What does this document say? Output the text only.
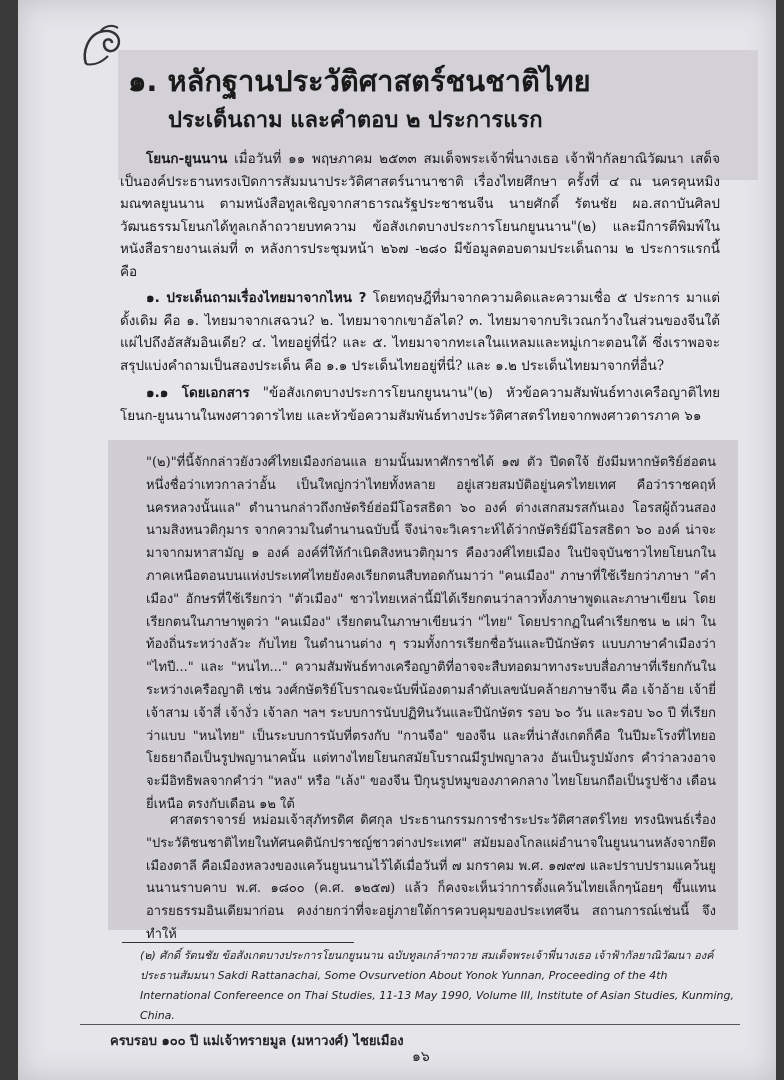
๑. หลักฐานประวัติศาสตร์ชนชาติไทย
ประเด็นถาม และคำตอบ ๒ ประการแรก
โยนก-ยูนนาน เมื่อวันที่ ๑๑ พฤษภาคม ๒๕๓๓ สมเด็จพระเจ้าพี่นางเธอ เจ้าฟ้ากัลยาณิวัฒนา เสด็จเป็นองค์ประธานทรงเปิดการสัมมนาประวัติศาสตร์นานาชาติ เรื่องไทยศึกษา ครั้งที่ ๔ ณ นครคุนหมิง มณฑลยูนนาน ตามหนังสือทูลเชิญจากสาธารณรัฐประชาชนจีน นายศักดิ์ รัตนชัย ผอ.สถาบันศิลปวัฒนธรรมโยนกได้ทูลเกล้าถวายบทความ ข้อสังเกตบางประการโยนกยูนนาน"(๒) และมีการตีพิมพ์ในหนังสือรายงานเล่มที่ ๓ หลังการประชุมหน้า ๒๖๗ -๒๘๐ มีข้อมูลตอบตามประเด็นถาม ๒ ประการแรกนี้คือ
๑. ประเด็นถามเรื่องไทยมาจากไหน ? โดยทฤษฎีที่มาจากความคิดและความเชื่อ ๕ ประการ มาแต่ดั้งเดิม คือ ๑. ไทยมาจากเสฉวน? ๒. ไทยมาจากเขาอัลไต? ๓. ไทยมาจากบริเวณกว้างในส่วนของจีนใต้แผ่ไปถึงอัสสัมอินเดีย? ๔. ไทยอยู่ที่นี่? และ ๕. ไทยมาจากทะเลในแหลมและหมู่เกาะตอนใต้ ซึ่งเราพอจะสรุปแบ่งคำถามเป็นสองประเด็น คือ ๑.๑ ประเด็นไทยอยู่ที่นี่? และ ๑.๒ ประเด็นไทยมาจากที่อื่น?
๑.๑ โดยเอกสาร "ข้อสังเกตบางประการโยนกยูนนาน"(๒) หัวข้อความสัมพันธ์ทางเครือญาติไทยโยนก-ยูนนานในพงศาวดารไทย และหัวข้อความสัมพันธ์ทางประวัติศาสตร์ไทยจากพงศาวดารภาค ๖๑
"(๒)"ที่นี้จักกล่าวยังวงศ์ไทยเมืองก่อนแล ยามนั้นมหาศักราชได้ ๑๗ ตัว ปีดดใจ้ ยังมีมหากษัตริย์ฮ่อตนหนึ่งชื่อว่าเทวกาลว่าอั้น เป็นใหญ่กว่าไทยทั้งหลาย อยู่เสวยสมบัติอยู่นครไทยเทศ คือว่าราชคฤห์นครหลวงนั้นแล" ตำนานกล่าวถึงกษัตริย์ฮ่อมีโอรสธิดา ๖๐ องค์ ต่างเสกสมรสกันเอง โอรสผู้ถ้วนสองนามสิงหนวติกุมาร จากความในตำนานฉบับนี้ จึงน่าจะวิเคราะห์ได้ว่ากษัตริย์มีโอรสธิดา ๖๐ องค์ น่าจะมาจากมหาสามัญ ๑ องค์ องค์ที่ให้กำเนิดสิงหนวติกุมาร คืองวงศ์ไทยเมือง ในปัจจุบันชาวไทยโยนกในภาคเหนือตอนบนแห่งประเทศไทยยังคงเรียกตนสืบทอดกันมาว่า "คนเมือง" ภาษาที่ใช้เรียกว่าภาษา "คำเมือง" อักษรที่ใช้เรียกว่า "ตัวเมือง" ชาวไทยเหล่านี้มิได้เรียกตนว่าลาวทั้งภาษาพูดและภาษาเขียน โดยเรียกตนในภาษาพูดว่า "คนเมือง" เรียกตนในภาษาเขียนว่า "ไทย" โดยปรากฏในคำเรียกชน ๒ เผ่า ในท้องถิ่นระหว่างลัวะ กับไทย ในตำนานต่าง ๆ รวมทั้งการเรียกชื่อวันและปีนักษัตร แบบภาษาคำเมืองว่า "ไทปี..." และ "หนไท..." ความสัมพันธ์ทางเครือญาติที่อาจจะสืบทอดมาทางระบบสื่อภาษาที่เรียกกันในระหว่างเครือญาติ เช่น วงศ์กษัตริย์โบราณจะนับพี่น้องตามลำดับเลขนับคล้ายภาษาจีน คือ เจ้าอ้าย เจ้ายี่ เจ้าสาม เจ้าสี่ เจ้างั่ว เจ้าลก ฯลฯ ระบบการนับปฏิทินวันและปีนักษัตร รอบ ๖๐ วัน และรอบ ๖๐ ปี ที่เรียกว่าแบบ "หนไทย" เป็นระบบการนับที่ตรงกับ "กานจือ" ของจีน และที่น่าสังเกตก็คือ ในปีมะโรงที่ไทยอโยธยาถือเป็นรูปพญานาคนั้น แต่ทางไทยโยนกสมัยโบราณมีรูปพญาลวง อันเป็นรูปมังกร คำว่าลวงอาจจะมีอิทธิพลจากคำว่า "หลง" หรือ "เล้ง" ของจีน ปีกุนรูปหมูของภาคกลาง ไทยโยนกถือเป็นรูปช้าง เดือนยี่เหนือ ตรงกับเดือน ๑๒ ใต้
ศาสตราจารย์ หม่อมเจ้าสุภัทรดิศ ดิศกุล ประธานกรรมการชำระประวัติศาสตร์ไทย ทรงนิพนธ์เรื่อง "ประวัติชนชาติไทยในทัศนคตินักปราชญ์ชาวต่างประเทศ" สมัยมองโกลแผ่อำนาจในยูนนานหลังจากยึดเมืองตาลี คือเมืองหลวงของแคว้นยูนนานไว้ได้เมื่อวันที่ ๗ มกราคม พ.ศ. ๑๗๙๗ และปราบปรามแคว้นยูนนานราบคาบ พ.ศ. ๑๘๐๐ (ค.ศ. ๑๒๕๗) แล้ว ก็คงจะเห็นว่าการตั้งแคว้นไทยเล็กๆน้อยๆ ขึ้นแทนอารยธรรมอินเดียมาก่อน คงง่ายกว่าที่จะอยู่ภายใต้การควบคุมของประเทศจีน สถานการณ์เช่นนี้ จึงทำให้
(๒) ศักดิ์ รัตนชัย ข้อสังเกตบางประการโยนกยูนนาน ฉบับทูลเกล้าฯถวาย สมเด็จพระเจ้าพี่นางเธอ เจ้าฟ้ากัลยาณิวัฒนา องค์ประธานสัมมนา Sakdi Rattanachai, Some Ovsurvetion About Yonok Yunnan, Proceeding of the 4th International Confereence on Thai Studies, 11-13 May 1990, Volume III, Institute of Asian Studies, Kunming, China.
ครบรอบ ๑๐๐ ปี แม่เจ้าทรายมูล (มหาวงศ์) ไชยเมือง
๑๖
